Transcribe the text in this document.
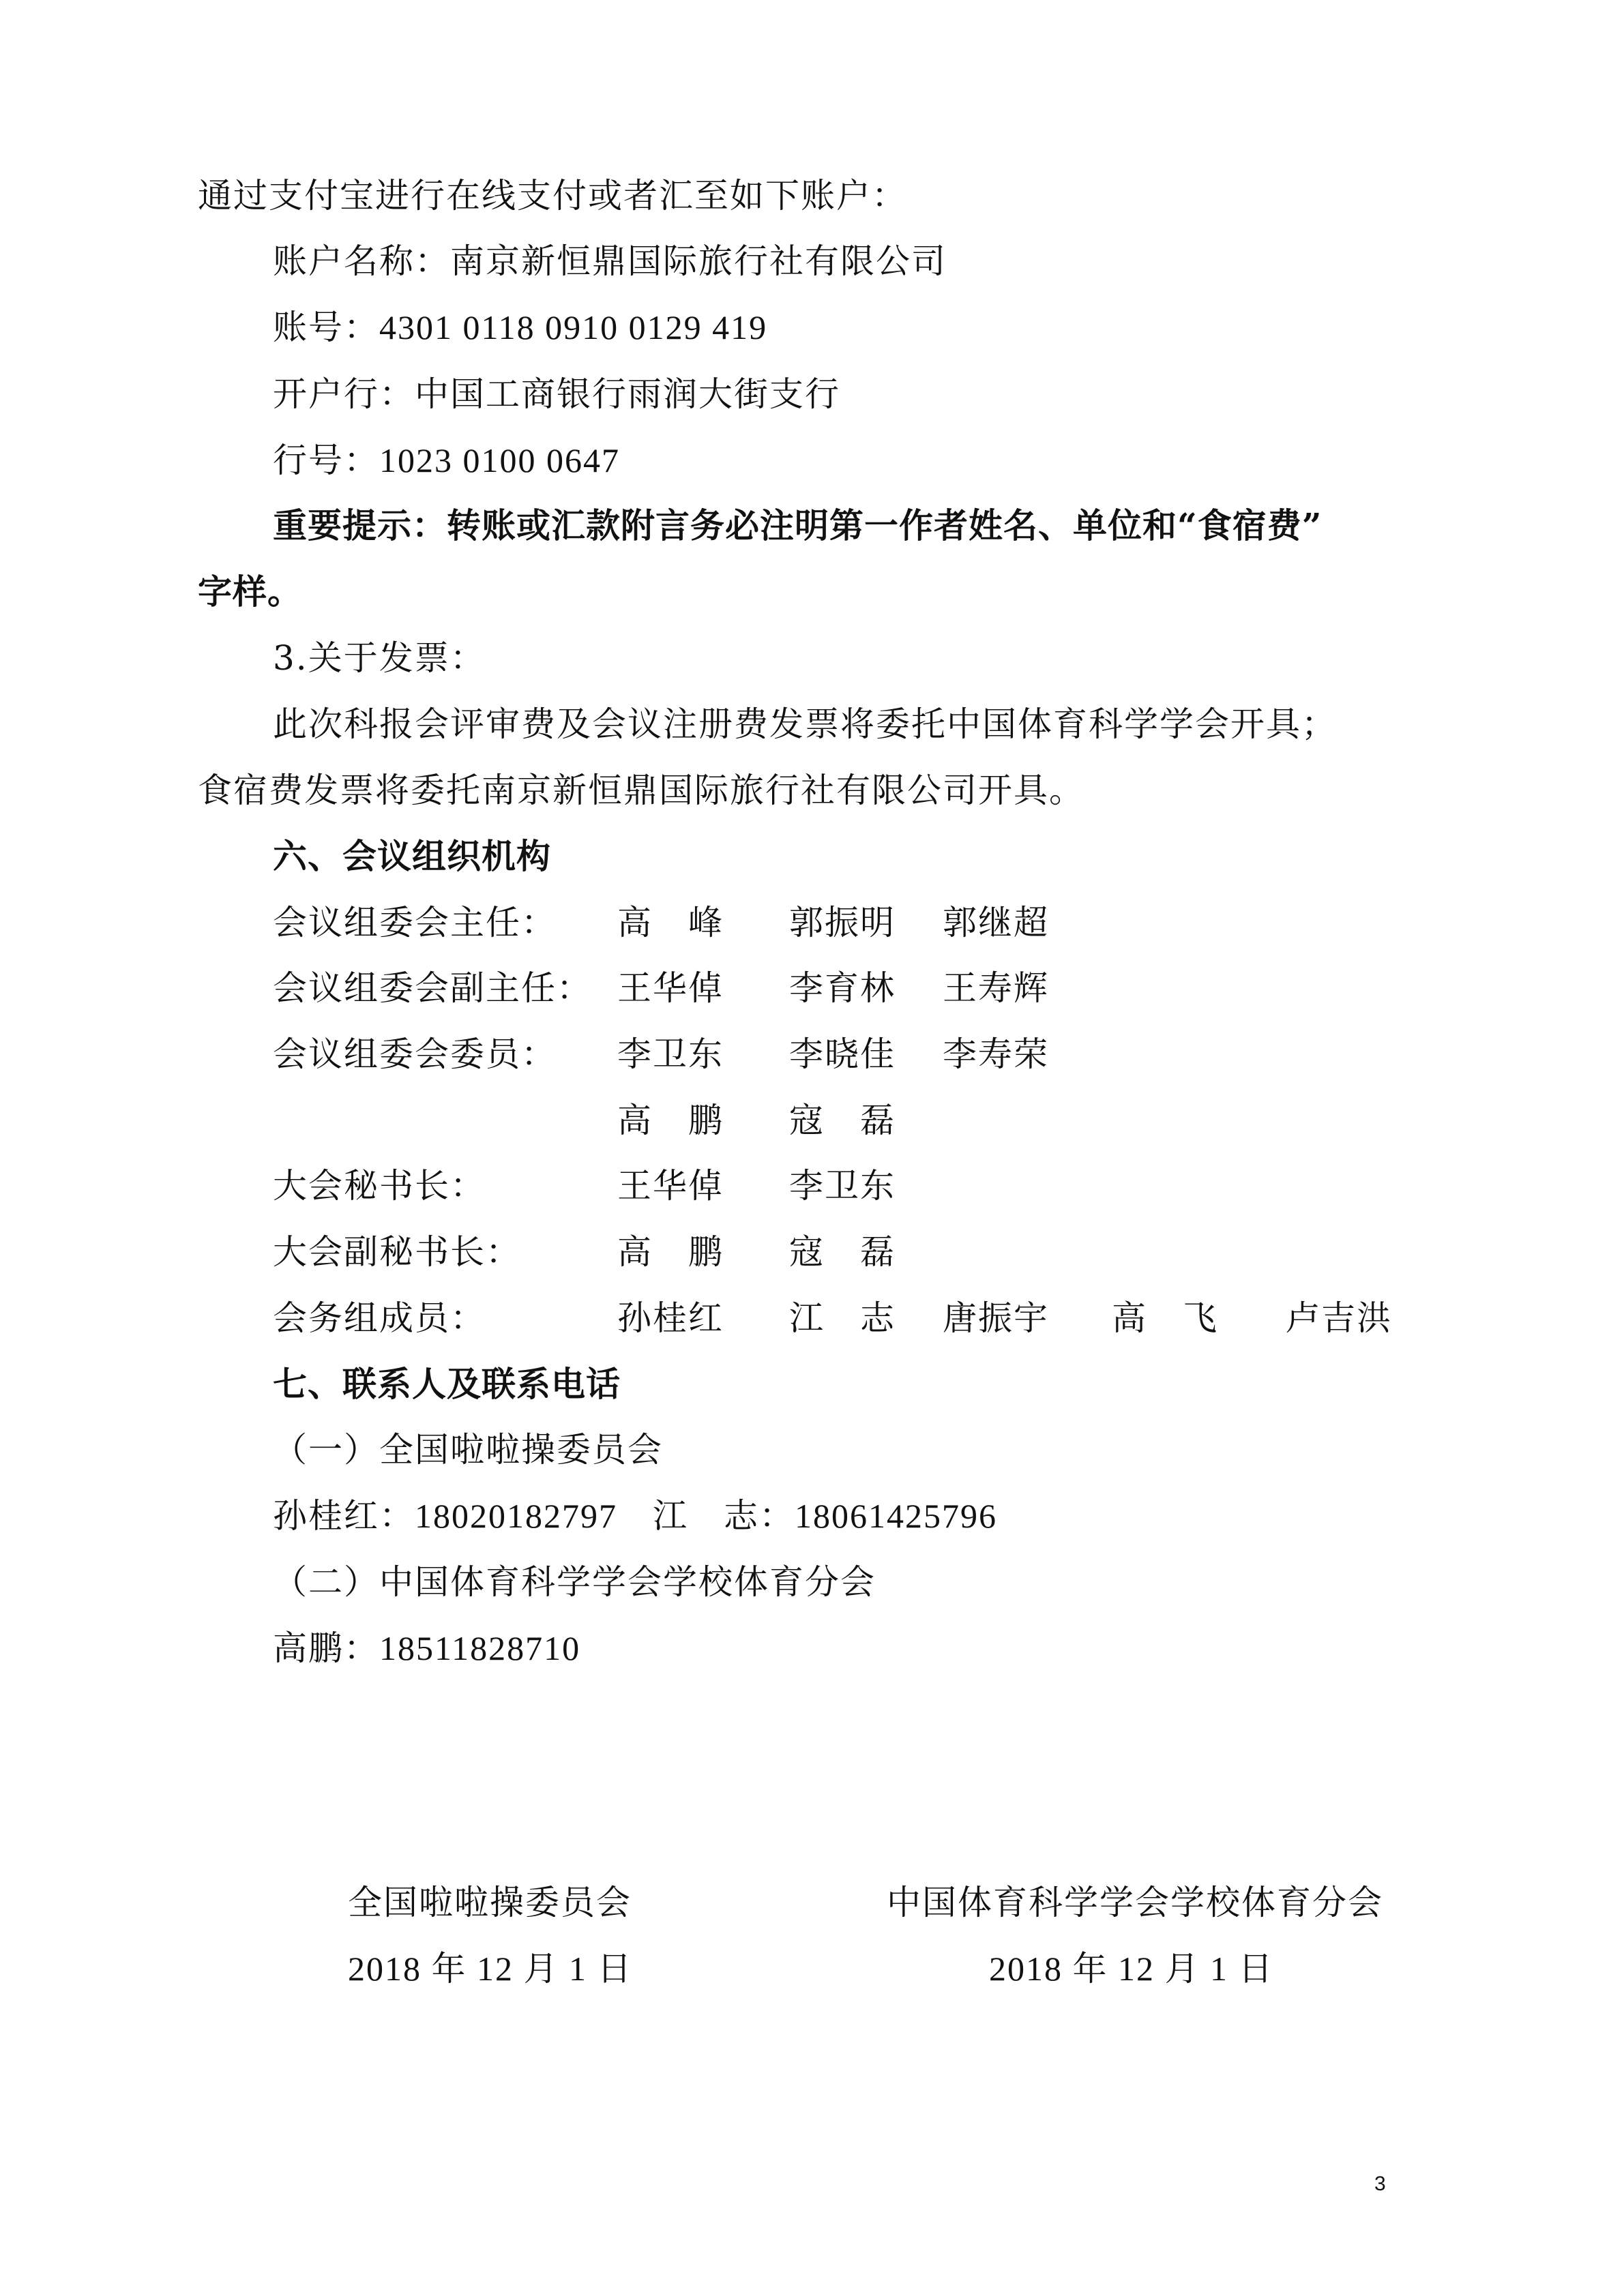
通过支付宝进行在线支付或者汇至如下账户：
账户名称：南京新恒鼎国际旅行社有限公司
账号：4301 0118 0910 0129 419
开户行：中国工商银行雨润大街支行
行号：1023 0100 0647
重要提示：转账或汇款附言务必注明第一作者姓名、单位和“食宿费”
字样。
3.关于发票：
此次科报会评审费及会议注册费发票将委托中国体育科学学会开具；
食宿费发票将委托南京新恒鼎国际旅行社有限公司开具。
六、会议组织机构
会议组委会主任： 高　峰 郭振明 郭继超
会议组委会副主任： 王华倬 李育林 王寿辉
会议组委会委员： 李卫东 李晓佳 李寿荣
高　鹏 寇　磊
大会秘书长：	王华倬 李卫东
大会副秘书长：	高　鹏 寇　磊
会务组成员：	孙桂红 江　志 唐振宇 高　飞 卢吉洪
七、联系人及联系电话
（一）全国啦啦操委员会
孙桂红：18020182797　江　志：18061425796
（二）中国体育科学学会学校体育分会
高鹏：18511828710
全国啦啦操委员会
2018 年 12 月 1 日
中国体育科学学会学校体育分会
2018 年 12 月 1 日
3
